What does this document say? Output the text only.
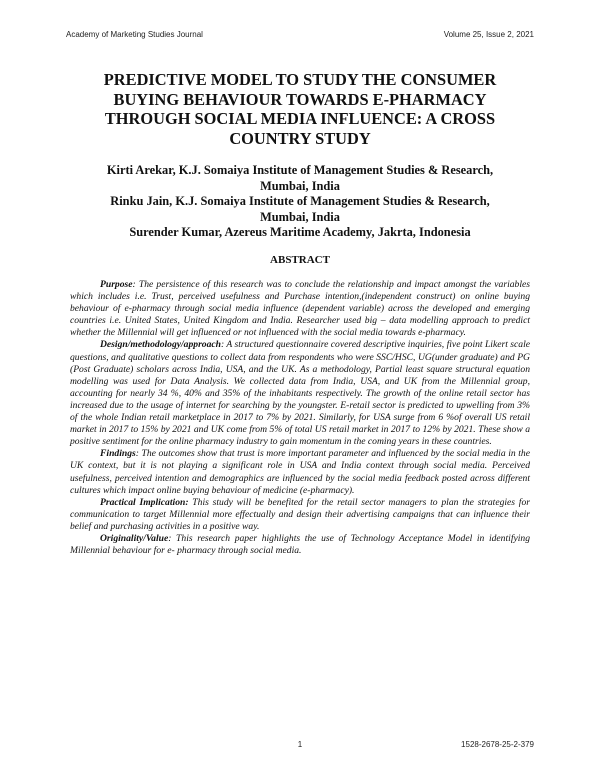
Academy of Marketing Studies Journal	Volume 25, Issue 2, 2021
PREDICTIVE MODEL TO STUDY THE CONSUMER
BUYING BEHAVIOUR TOWARDS E-PHARMACY
THROUGH SOCIAL MEDIA INFLUENCE: A CROSS
COUNTRY STUDY
Kirti Arekar, K.J. Somaiya Institute of Management Studies & Research,
Mumbai, India
Rinku Jain, K.J. Somaiya Institute of Management Studies & Research,
Mumbai, India
Surender Kumar, Azereus Maritime Academy, Jakrta, Indonesia
ABSTRACT

Purpose: The persistence of this research was to conclude the relationship and impact amongst the variables which includes i.e. Trust, perceived usefulness and Purchase intention,(independent construct) on online buying behaviour of e-pharmacy through social media influence (dependent variable) across the developed and emerging countries i.e. United States, United Kingdom and India. Researcher used big – data modelling approach to predict whether the Millennial will get influenced or not influenced with the social media towards e-pharmacy.

Design/methodology/approach: A structured questionnaire covered descriptive inquiries, five point Likert scale questions, and qualitative questions to collect data from respondents who were SSC/HSC, UG(under graduate) and PG (Post Graduate) scholars across India, USA, and the UK. As a methodology, Partial least square structural equation modelling was used for Data Analysis. We collected data from India, USA, and UK from the Millennial group, accounting for nearly 34 %, 40% and 35% of the inhabitants respectively. The growth of the online retail sector has increased due to the usage of internet for searching by the youngster. E-retail sector is predicted to upwelling from 3% of the whole Indian retail marketplace in 2017 to 7% by 2021. Similarly, for USA surge from 6 %of overall US retail market in 2017 to 15% by 2021 and UK come from 5% of total US retail market in 2017 to 12% by 2021. These show a positive sentiment for the online pharmacy industry to gain momentum in the coming years in these countries.

Findings: The outcomes show that trust is more important parameter and influenced by the social media in the UK context, but it is not playing a significant role in USA and India context through social media. Perceived usefulness, perceived intention and demographics are influenced by the social media feedback posted across different cultures which impact online buying behaviour of medicine (e-pharmacy).

Practical Implication: This study will be benefited for the retail sector managers to plan the strategies for communication to target Millennial more effectually and design their advertising campaigns that can influence their belief and purchasing activities in a positive way.

Originality/Value: This research paper highlights the use of Technology Acceptance Model in identifying Millennial behaviour for e- pharmacy through social media.

1	1528-2678-25-2-379
